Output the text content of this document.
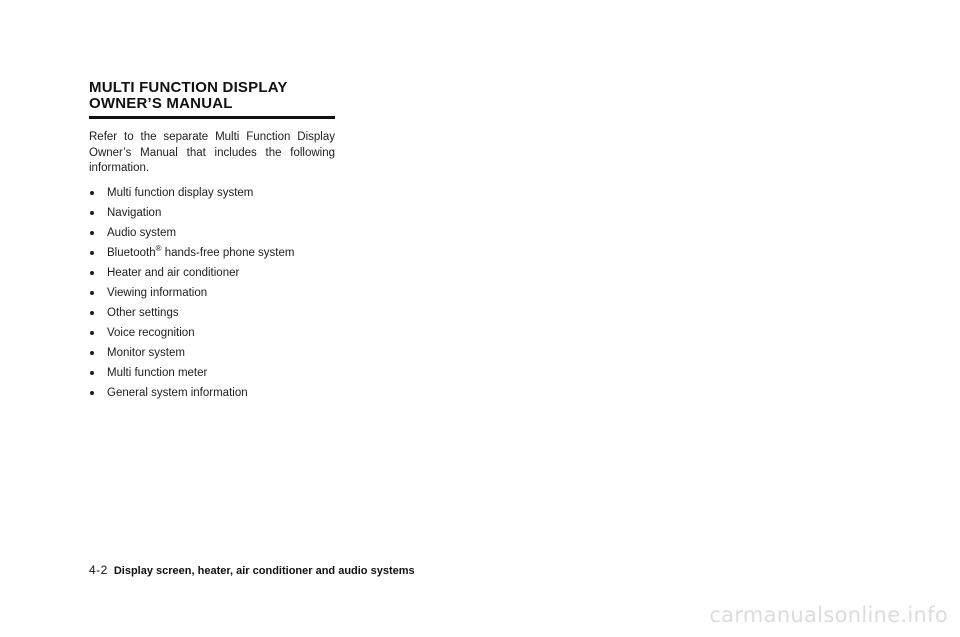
MULTI FUNCTION DISPLAY
OWNER’S MANUAL

Refer to the separate Multi Function Display Owner’s Manual that includes the following information.

Multi function display system
Navigation
Audio system
Bluetooth® hands-free phone system
Heater and air conditioner
Viewing information
Other settings
Voice recognition
Monitor system
Multi function meter
General system information
4-2 Display screen, heater, air conditioner and audio systems
carmanualsonline.info
